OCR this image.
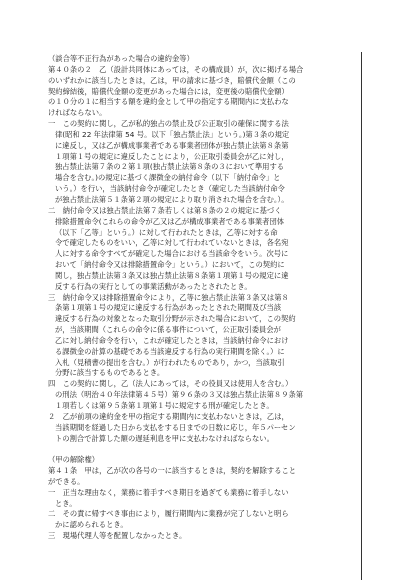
（談合等不正行為があった場合の違約金等）
第４０条の２　乙（設計共同体にあっては，その構成員）が，次に掲げる場合
のいずれかに該当したときは，乙は，甲の請求に基づき，賠償代金額（この
契約締結後，賠償代金額の変更があった場合には，変更後の賠償代金額）
の１０分の１に相当する額を違約金として甲の指定する期間内に支払わな
ければならない。
一　この契約に関し，乙が私的独占の禁止及び公正取引の確保に関する法
律(昭和 22 年法律第 54 号。以下「独占禁止法」という。)第３条の規定
に違反し，又は乙が構成事業者である事業者団体が独占禁止法第８条第
１項第１号の規定に違反したことにより，公正取引委員会が乙に対し，
独占禁止法第７条の２第１項(独占禁止法第８条の３において準用する
場合を含む。)の規定に基づく課徴金の納付命令（以下「納付命令」と
いう。）を行い，当該納付命令が確定したとき（確定した当該納付命令
が独占禁止法第５１条第２項の規定により取り消された場合を含む。）。
二　納付命令又は独占禁止法第７条若しくは第８条の２の規定に基づく
排除措置命令(これらの命令が乙又は乙が構成事業者である事業者団体
（以下「乙等」という。）に対して行われたときは，乙等に対する命
令で確定したものをいい，乙等に対して行われていないときは，各名宛
人に対する命令すべてが確定した場合における当該命令をいう。次号に
おいて「納付命令又は排除措置命令」という。）において，この契約に
関し，独占禁止法第３条又は独占禁止法第８条第１項第１号の規定に違
反する行為の実行としての事業活動があったとされたとき。
三　納付命令又は排除措置命令により，乙等に独占禁止法第３条又は第８
条第１項第１号の規定に違反する行為があったとされた期間及び当該
違反する行為の対象となった取引分野が示された場合において，この契約
が，当該期間（これらの命令に係る事件について，公正取引委員会が
乙に対し納付命令を行い，これが確定したときは，当該納付命令におけ
る課徴金の計算の基礎である当該違反する行為の実行期間を除く。）に
入札（見積書の提出を含む。）が行われたものであり，かつ，当該取引
分野に該当するものであるとき。
四　この契約に関し，乙（法人にあっては，その役員又は使用人を含む。）
の刑法（明治４０年法律第４５号）第９６条の３又は独占禁止法第８９条第
１項若しくは第９５条第１項第１号に規定する刑が確定したとき。
２　乙が前項の違約金を甲の指定する期間内に支払わないときは，乙は，
当該期間を経過した日から支払をする日までの日数に応じ，年５パーセン
トの割合で計算した額の遅延利息を甲に支払わなければならない。
（甲の解除権）
第４１条　甲は，乙が次の各号の一に該当するときは，契約を解除すること
ができる。
一　正当な理由なく，業務に着手すべき期日を過ぎても業務に着手しない
とき。
二　その責に帰すべき事由により，履行期間内に業務が完了しないと明ら
かに認められるとき。
三　現場代理人等を配置しなかったとき。
